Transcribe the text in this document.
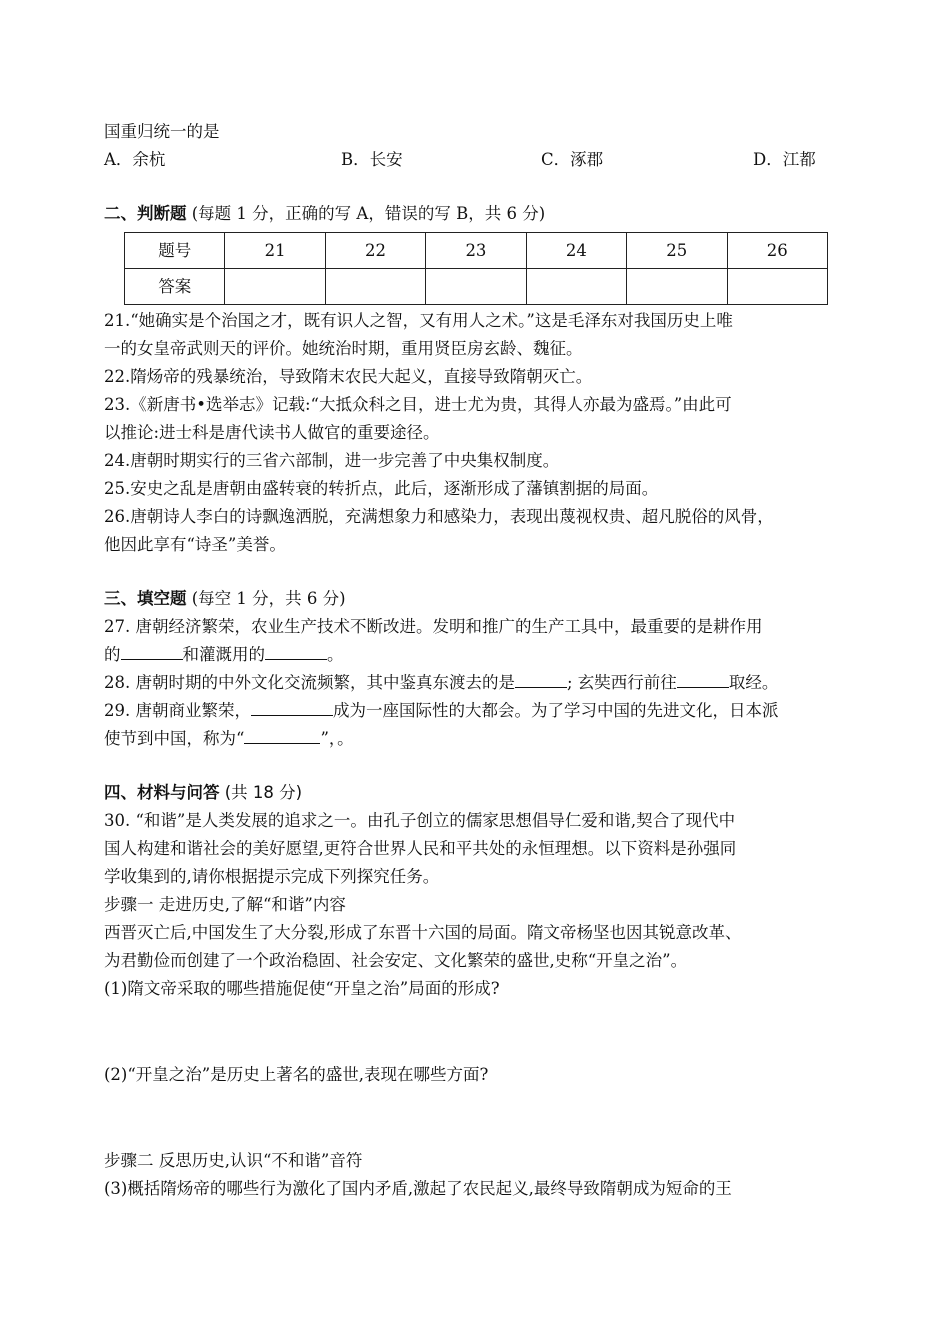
国重归统一的是
A．余杭	B．长安	C．涿郡	D．江都
二、判断题 (每题 1 分，正确的写 A，错误的写 B，共 6 分)
题号	21	22	23	24	25	26
答案						
21.“她确实是个治国之才，既有识人之智，又有用人之术。”这是毛泽东对我国历史上唯
一的女皇帝武则天的评价。她统治时期，重用贤臣房玄龄、魏征。
22.隋炀帝的残暴统治，导致隋末农民大起义，直接导致隋朝灭亡。
23.《新唐书•选举志》记载:“大抵众科之目，进士尤为贵，其得人亦最为盛焉。”由此可
以推论:进士科是唐代读书人做官的重要途径。
24.唐朝时期实行的三省六部制，进一步完善了中央集权制度。
25.安史之乱是唐朝由盛转衰的转折点，此后，逐渐形成了藩镇割据的局面。
26.唐朝诗人李白的诗飘逸洒脱，充满想象力和感染力，表现出蔑视权贵、超凡脱俗的风骨，
他因此享有“诗圣”美誉。
三、填空题 (每空 1 分，共 6 分)
27. 唐朝经济繁荣，农业生产技术不断改进。发明和推广的生产工具中，最重要的是耕作用
的	和灌溉用的	。
28. 唐朝时期的中外文化交流频繁，其中鉴真东渡去的是	; 玄奘西行前往	取经。
29. 唐朝商业繁荣，	成为一座国际性的大都会。为了学习中国的先进文化，日本派
使节到中国，称为“	”，。
四、材料与问答 (共 18 分)
30. “和谐”是人类发展的追求之一。由孔子创立的儒家思想倡导仁爱和谐,契合了现代中
国人构建和谐社会的美好愿望,更符合世界人民和平共处的永恒理想。以下资料是孙强同
学收集到的,请你根据提示完成下列探究任务。
步骤一 走进历史,了解“和谐”内容
西晋灭亡后,中国发生了大分裂,形成了东晋十六国的局面。隋文帝杨坚也因其锐意改革、
为君勤俭而创建了一个政治稳固、社会安定、文化繁荣的盛世,史称“开皇之治”。
(1)隋文帝采取的哪些措施促使“开皇之治”局面的形成?
(2)“开皇之治”是历史上著名的盛世,表现在哪些方面?
步骤二 反思历史,认识“不和谐”音符
(3)概括隋炀帝的哪些行为激化了国内矛盾,激起了农民起义,最终导致隋朝成为短命的王
